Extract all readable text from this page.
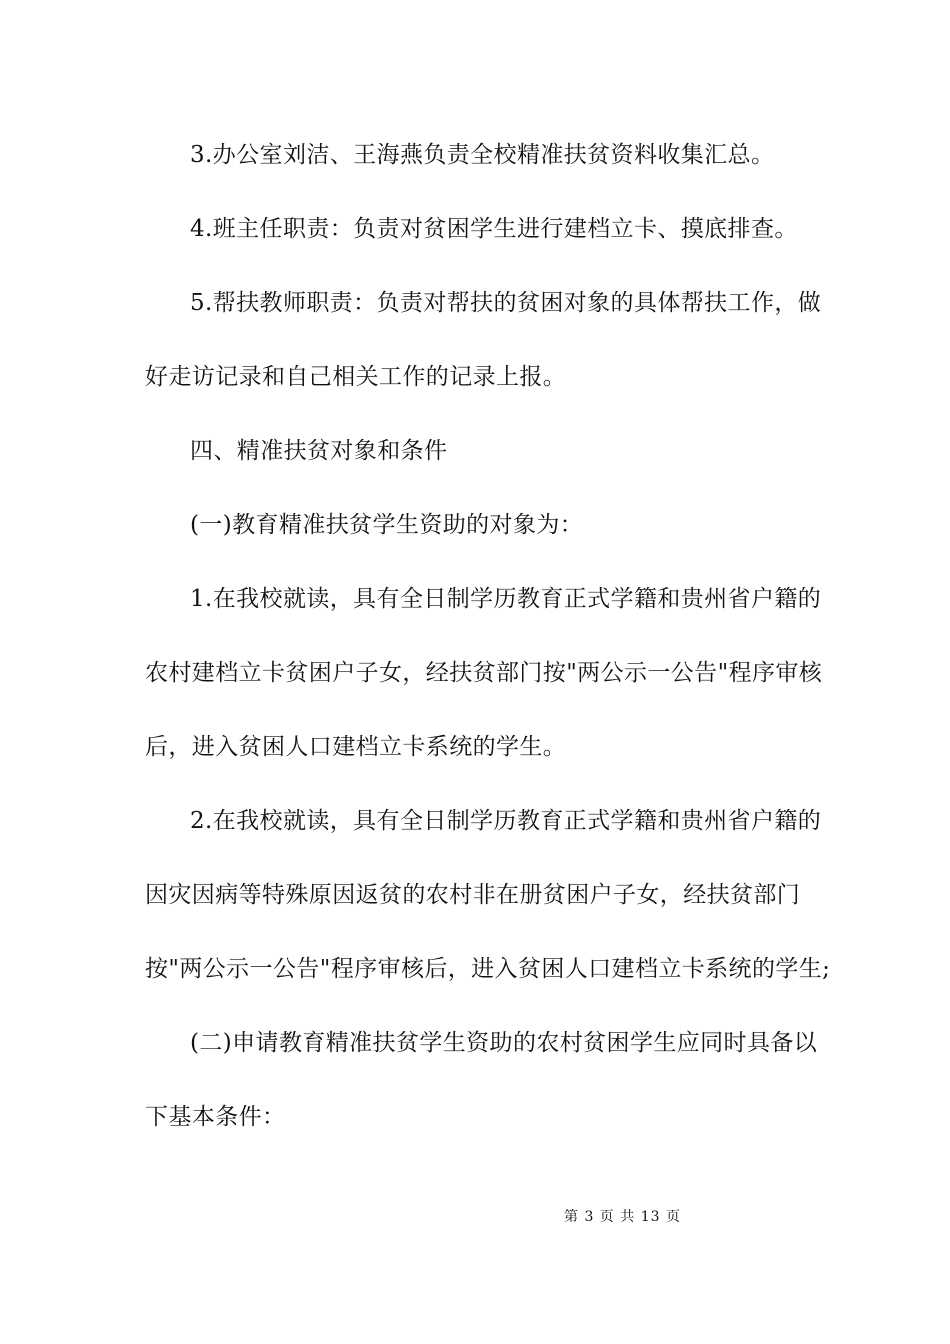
3.办公室刘洁、王海燕负责全校精准扶贫资料收集汇总。
4.班主任职责：负责对贫困学生进行建档立卡、摸底排查。
5.帮扶教师职责：负责对帮扶的贫困对象的具体帮扶工作，做
好走访记录和自己相关工作的记录上报。
四、精准扶贫对象和条件
(一)教育精准扶贫学生资助的对象为：
1.在我校就读，具有全日制学历教育正式学籍和贵州省户籍的
农村建档立卡贫困户子女，经扶贫部门按"两公示一公告"程序审核
后，进入贫困人口建档立卡系统的学生。
2.在我校就读，具有全日制学历教育正式学籍和贵州省户籍的
因灾因病等特殊原因返贫的农村非在册贫困户子女，经扶贫部门
按"两公示一公告"程序审核后，进入贫困人口建档立卡系统的学生;
(二)申请教育精准扶贫学生资助的农村贫困学生应同时具备以
下基本条件：
第 3 页 共 13 页
